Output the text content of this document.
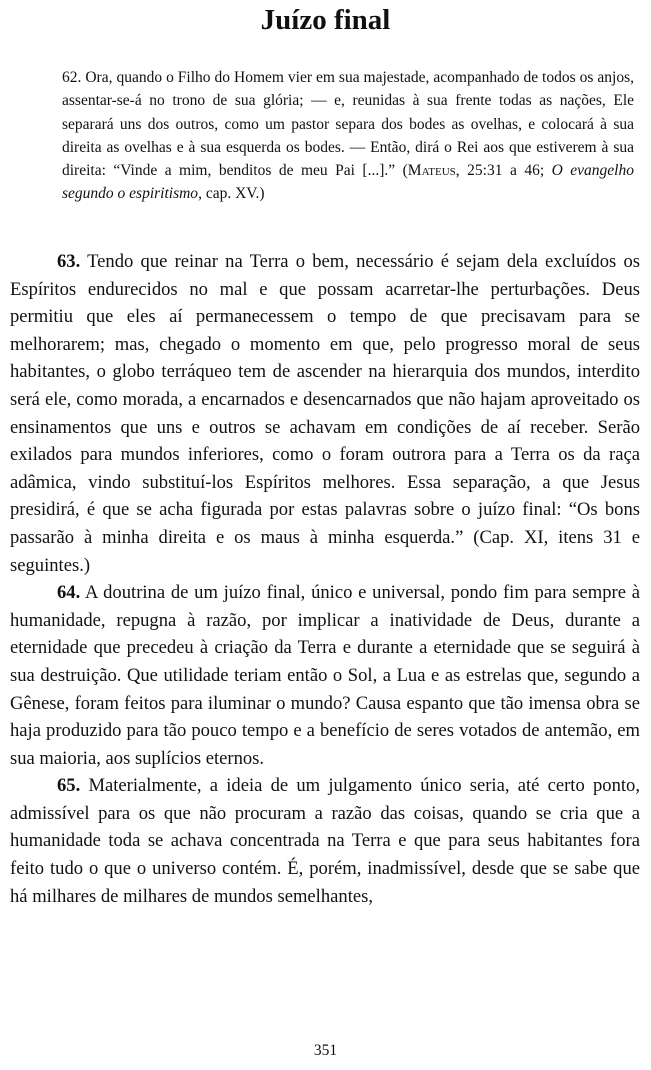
Juízo final

62. Ora, quando o Filho do Homem vier em sua majestade, acompanhado de todos os anjos, assentar-se-á no trono de sua glória; — e, reunidas à sua frente todas as nações, Ele separará uns dos outros, como um pastor separa dos bodes as ovelhas, e colocará à sua direita as ovelhas e à sua esquerda os bodes. — Então, dirá o Rei aos que estiverem à sua direita: “Vinde a mim, benditos de meu Pai [...].” (Mateus, 25:31 a 46; O evangelho segundo o espiritismo, cap. XV.)

63. Tendo que reinar na Terra o bem, necessário é sejam dela excluídos os Espíritos endurecidos no mal e que possam acarretar-lhe perturbações. Deus permitiu que eles aí permanecessem o tempo de que precisavam para se melhorarem; mas, chegado o momento em que, pelo progresso moral de seus habitantes, o globo terráqueo tem de ascender na hierarquia dos mundos, interdito será ele, como morada, a encarnados e desencarnados que não hajam aproveitado os ensinamentos que uns e outros se achavam em condições de aí receber. Serão exilados para mundos inferiores, como o foram outrora para a Terra os da raça adâmica, vindo substituí-los Espíritos melhores. Essa separação, a que Jesus presidirá, é que se acha figurada por estas palavras sobre o juízo final: “Os bons passarão à minha direita e os maus à minha esquerda.” (Cap. XI, itens 31 e seguintes.)

64. A doutrina de um juízo final, único e universal, pondo fim para sempre à humanidade, repugna à razão, por implicar a inatividade de Deus, durante a eternidade que precedeu à criação da Terra e durante a eternidade que se seguirá à sua destruição. Que utilidade teriam então o Sol, a Lua e as estrelas que, segundo a Gênese, foram feitos para iluminar o mundo? Causa espanto que tão imensa obra se haja produzido para tão pouco tempo e a benefício de seres votados de antemão, em sua maioria, aos suplícios eternos.

65. Materialmente, a ideia de um julgamento único seria, até certo ponto, admissível para os que não procuram a razão das coisas, quando se cria que a humanidade toda se achava concentrada na Terra e que para seus habitantes fora feito tudo o que o universo contém. É, porém, inadmissível, desde que se sabe que há milhares de milhares de mundos semelhantes,

351
